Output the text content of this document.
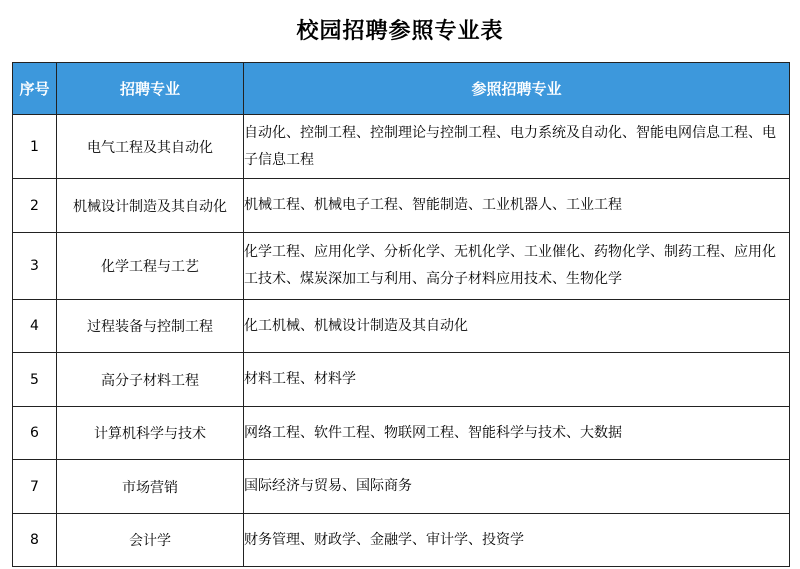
校园招聘参照专业表
序号	招聘专业	参照招聘专业
1	电气工程及其自动化	自动化、控制工程、控制理论与控制工程、电力系统及自动化、智能电网信息工程、电子信息工程
2	机械设计制造及其自动化	机械工程、机械电子工程、智能制造、工业机器人、工业工程
3	化学工程与工艺	化学工程、应用化学、分析化学、无机化学、工业催化、药物化学、制药工程、应用化工技术、煤炭深加工与利用、高分子材料应用技术、生物化学
4	过程装备与控制工程	化工机械、机械设计制造及其自动化
5	高分子材料工程	材料工程、材料学
6	计算机科学与技术	网络工程、软件工程、物联网工程、智能科学与技术、大数据
7	市场营销	国际经济与贸易、国际商务
8	会计学	财务管理、财政学、金融学、审计学、投资学
